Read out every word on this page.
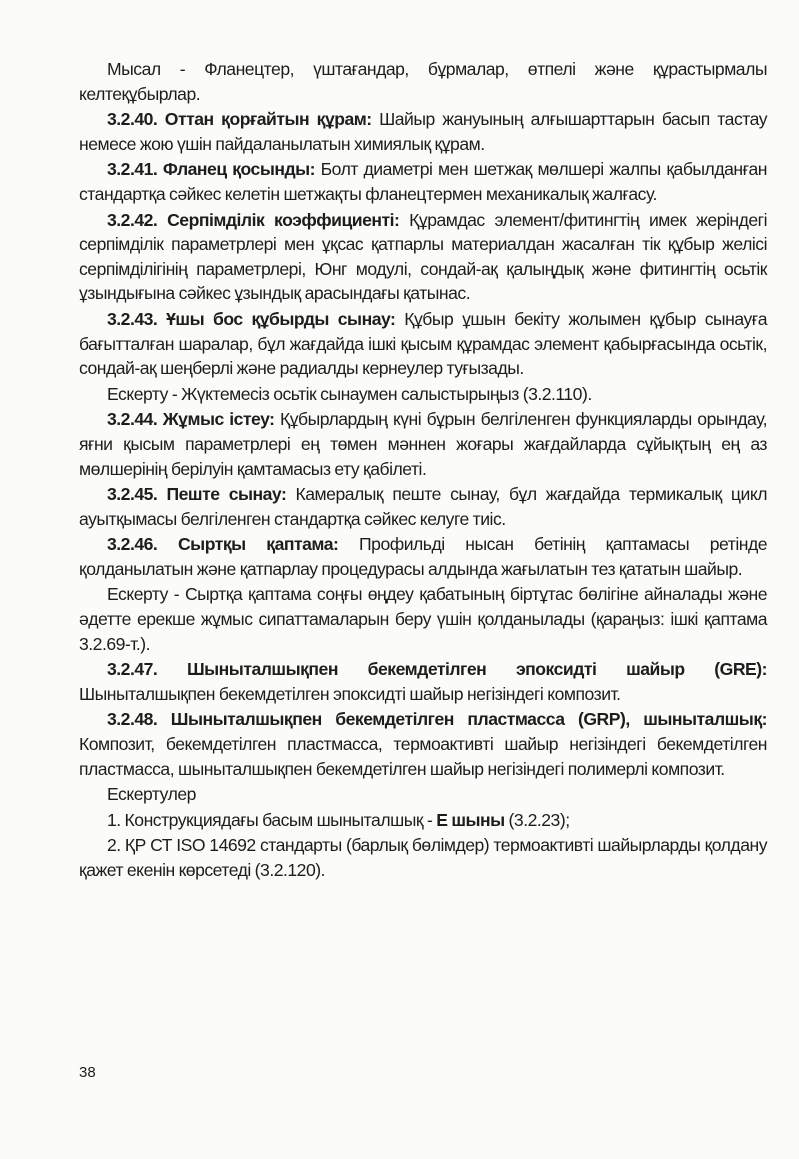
Мысал - Фланецтер, үштағандар, бұрмалар, өтпелі және құрастырмалы келтеқұбырлар.

3.2.40. Оттан қорғайтын құрам: Шайыр жануының алғышарттарын басып тастау немесе жою үшін пайдаланылатын химиялық құрам.

3.2.41. Фланец қосынды: Болт диаметрі мен шетжақ мөлшері жалпы қабылданған стандартқа сәйкес келетін шетжақты фланецтермен механикалық жалғасу.

3.2.42. Серпімділік коэффициенті: Құрамдас элемент/фитингтің имек жеріндегі серпімділік параметрлері мен ұқсас қатпарлы материалдан жасалған тік құбыр желісі серпімділігінің параметрлері, Юнг модулі, сондай-ақ қалыңдық және фитингтің осьтік ұзындығына сәйкес ұзындық арасындағы қатынас.

3.2.43. Ұшы бос құбырды сынау: Құбыр ұшын бекіту жолымен құбыр сынауға бағытталған шаралар, бұл жағдайда ішкі қысым құрамдас элемент қабырғасында осьтік, сондай-ақ шеңберлі және радиалды кернеулер туғызады.

Ескерту - Жүктемесіз осьтік сынаумен салыстырыңыз (3.2.110).

3.2.44. Жұмыс істеу: Құбырлардың күні бұрын белгіленген функцияларды орындау, яғни қысым параметрлері ең төмен мәннен жоғары жағдайларда сұйықтың ең аз мөлшерінің берілуін қамтамасыз ету қабілеті.

3.2.45. Пеште сынау: Камералық пеште сынау, бұл жағдайда термикалық цикл ауытқымасы белгіленген стандартқа сәйкес келуге тиіс.

3.2.46. Сыртқы қаптама: Профильді нысан бетінің қаптамасы ретінде қолданылатын және қатпарлау процедурасы алдында жағылатын тез қататын шайыр.

Ескерту - Сыртқа қаптама соңғы өңдеу қабатының біртұтас бөлігіне айналады және әдетте ерекше жұмыс сипаттамаларын беру үшін қолданылады (қараңыз: ішкі қаптама 3.2.69-т.).

3.2.47. Шыныталшықпен бекемдетілген эпоксидті шайыр (GRE): Шыныталшықпен бекемдетілген эпоксидті шайыр негізіндегі композит.

3.2.48. Шыныталшықпен бекемдетілген пластмасса (GRP), шыныталшық: Композит, бекемдетілген пластмасса, термоактивті шайыр негізіндегі бекемдетілген пластмасса, шыныталшықпен бекемдетілген шайыр негізіндегі полимерлі композит.

Ескертулер

1. Конструкциядағы басым шыныталшық - Е шыны (3.2.23);

2. ҚР СТ ISO 14692 стандарты (барлық бөлімдер) термоактивті шайырларды қолдану қажет екенін көрсетеді (3.2.120).

38
